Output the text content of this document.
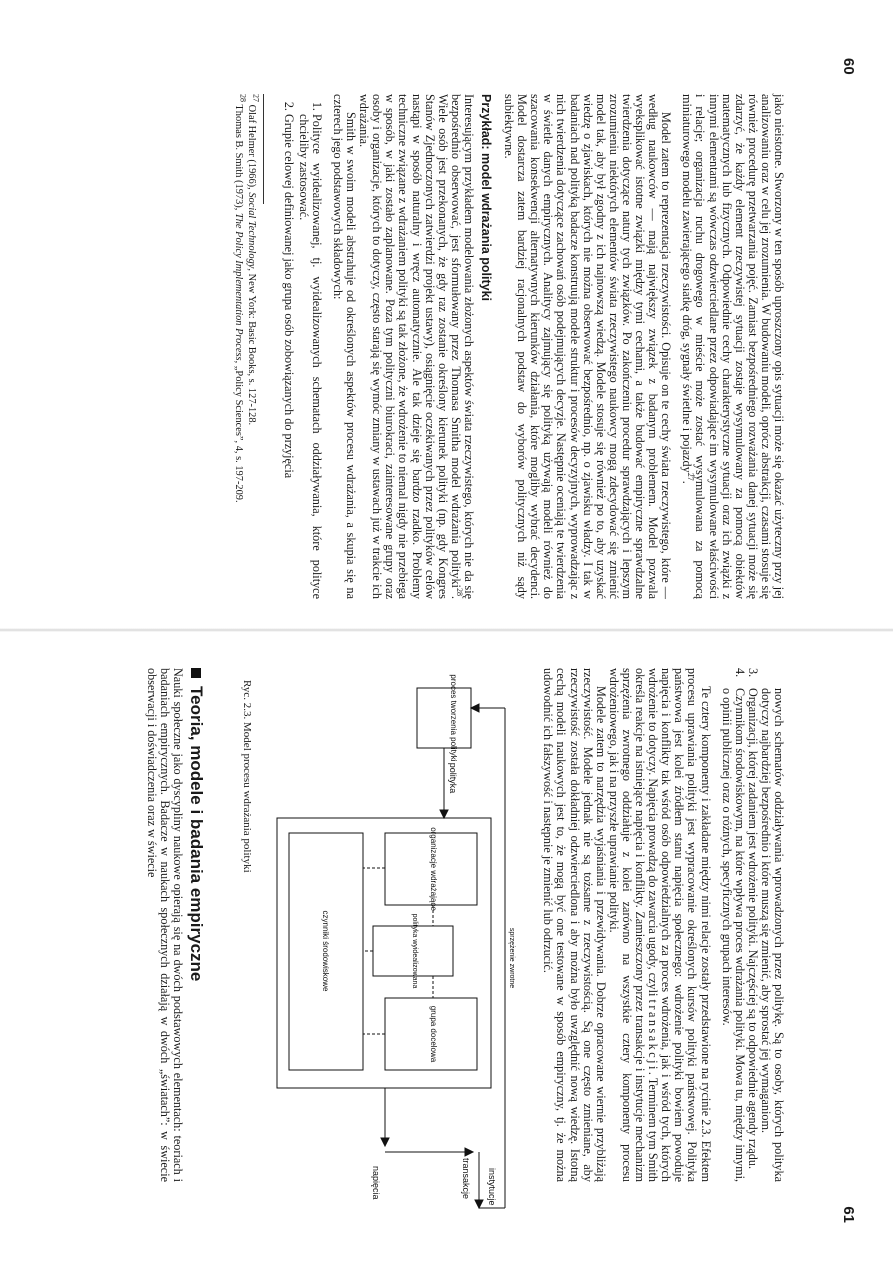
60

jako nieistotne. Stworzony w ten sposób uproszczony opis sytuacji może się okazać użyteczny przy jej analizowaniu oraz w celu jej zrozumienia. W budowaniu modeli, oprócz abstrakcji, czasami stosuje się również procedurę przetwarzania pojęć. Zamiast bezpośredniego rozważania danej sytuacji może się zdarzyć, że każdy element rzeczywistej sytuacji zostaje wysymulowany za pomocą obiektów matematycznych lub fizycznych. Odpowiednie cechy charakterystyczne sytuacji oraz ich związki z innymi elementami są wówczas odzwierciedlane przez odpowiadające im wysymulowane właściwości i relacje; organizacja ruchu drogowego w mieście może zostać wysymulowana za pomocą miniaturowego modelu zawierającego siatkę dróg, sygnały świetlne i pojazdy$^{27}$.

Model zatem to reprezentacja rzeczywistości. Opisuje on te cechy świata rzeczywistego, które — według naukowców — mają największy związek z badanym problemem. Model pozwala wyeksplikować istotne związki między tymi cechami, a także budować empiryczne sprawdzalne twierdzenia dotyczące natury tych związków. Po zakończeniu procedur sprawdzających i lepszym zrozumieniu niektórych elementów świata rzeczywistego naukowcy mogą zdecydować się zmienić model tak, aby był zgodny z ich najnowszą wiedzą. Modele stosuje się również po to, aby uzyskać wiedzę o zjawiskach, których nie można obserwować bezpośrednio, np. o zjawisku władzy. I tak w badaniach nad polityką badacze konstruują modele struktur i procesów decyzyjnych, wyprowadzając z nich twierdzenia dotyczące zachowań osób podejmujących decyzje. Następnie oceniają te twierdzenia w świetle danych empirycznych. Analitycy zajmujący się polityką używają modeli również do szacowania konsekwencji alternatywnych kierunków działania, które mogliby wybrać decydenci. Model dostarcza zatem bardziej racjonalnych podstaw do wyborów politycznych niż sądy subiektywne.

Przykład: model wdrażania polityki

Interesującym przykładem modelowania złożonych aspektów świata rzeczywistego, których nie da się bezpośrednio obserwować, jest sformułowany przez Thomasa Smitha model wdrażania polityki$^{28}$. Wiele osób jest przekonanych, że gdy raz zostanie określony kierunek polityki (np. gdy Kongres Stanów Zjednoczonych zatwierdzi projekt ustawy), osiągnięcie oczekiwanych przez polityków celów nastąpi w sposób naturalny i wręcz automatycznie. Ale tak dzieje się bardzo rzadko. Problemy techniczne związane z wdrażaniem polityki są tak złożone, że wdrożenie to niemal nigdy nie przebiega w sposób, w jaki zostało zaplanowane. Poza tym polityczni biurokraci, zainteresowane grupy oraz osoby i organizacje, których to dotyczy, często starają się wymóc zmiany w ustawach już w trakcie ich wdrażania.

Smith w swoim modeli abstrahuje od określonych aspektów procesu wdrażania, a skupia się na czterech jego podstawowych składowych:

1. Polityce wyidealizowanej, tj. wyidealizowanych schematach oddziaływania, które polityce chcieliby zastosować.
2. Grupie celowej definiowanej jako grupa osób zobowiązanych do przyjęcia
$^{27}$ Olaf Helmer (1966), Social Technology, New York: Basic Books, s. 127-128.
$^{28}$ Thomas B. Smith (1973), The Policy Implementation Process, „Policy Sciences”, 4, s. 197-209.
61

nowych schematów oddziaływania wprowadzonych przez politykę. Są to osoby, których polityka dotyczy najbardziej bezpośrednio i które muszą się zmienić, aby sprostać jej wymaganiom.

3.
Organizacji, której zadaniem jest wdrożenie polityki. Najczęściej są to odpowiednie agendy rządu.
4.
Czynnikom środowiskowym, na które wpływa proces wdrażania polityki. Mowa tu, między innymi, o opinii publicznej oraz o różnych, specyficznych grupach interesów.

Te cztery komponenty i zakładane między nimi relacje zostały przedstawione na rycinie 2.3. Efektem procesu uprawiania polityki jest wypracowanie określonych kursów polityki państwowej. Polityka państwowa jest kolei źródłem stanu napięcia społecznego: wdrożenie polityki bowiem powoduje napięcia i konflikty tak wśród osób odpowiedzialnych za proces wdrożenia, jak i wśród tych, których wdrożenie to dotyczy. Napięcia prowadzą do zawarcia ugody, czyli transakcji. Terminem tym Smith określa reakcje na istniejące napięcia i konflikty. Zamieszczony przez transakcje i instytucje mechanizm sprzężenia zwrotnego oddziałuje z kolei zarówno na wszystkie cztery komponenty procesu wdrożeniowego, jak i na przyszłe uprawianie polityki.

Modele zatem to narzędzia wyjaśniania i przewidywania. Dobrze opracowane wiernie przybliżają rzeczywistość. Modele jednak nie są tożsame z rzeczywistością. Są one często zmieniane, aby rzeczywistość została dokładniej odzwierciedlona i aby można było uwzględnić nową wiedzę. Istotną cechą modeli naukowych jest to, że mogą być one testowane w sposób empiryczny, tj. że można udowodnić ich fałszywość i następnie je zmienić lub odrzucić.

proces tworzenia polityki
polityka
organizacje wdrażające
grupa docelowa
polityka wyidealizowana
czynniki środowiskowe
napięcia	transakcje instytucje
sprzężenie zwrotne
Ryc. 2.3. Model procesu wdrażania polityki
Teoria, modele i badania empiryczne

Nauki społeczne jako dyscypliny naukowe opierają się na dwóch podstawowych elementach: teoriach i badaniach empirycznych. Badacze w naukach społecznych działają w dwóch „światach”: w świecie obserwacji i doświadczenia oraz w świecie
